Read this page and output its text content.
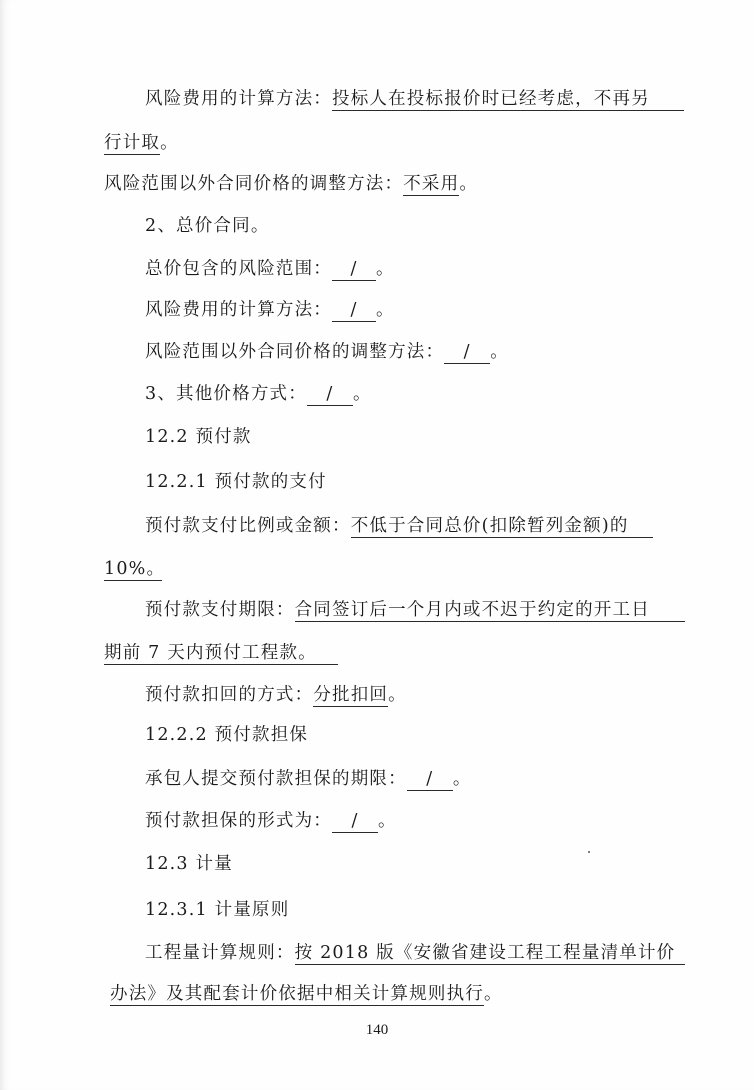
风险费用的计算方法：投标人在投标报价时已经考虑，不再另
行计取。
风险范围以外合同价格的调整方法：不采用。
2、总价合同。
总价包含的风险范围： / 。
风险费用的计算方法： / 。
风险范围以外合同价格的调整方法： / 。
3、其他价格方式： / 。
12.2 预付款
12.2.1 预付款的支付
预付款支付比例或金额：不低于合同总价(扣除暂列金额)的
10%。
预付款支付期限：合同签订后一个月内或不迟于约定的开工日
期前 7 天内预付工程款。
预付款扣回的方式：分批扣回。
12.2.2 预付款担保
承包人提交预付款担保的期限： / 。
预付款担保的形式为： / 。
12.3 计量
12.3.1 计量原则
工程量计算规则：按 2018 版《安徽省建设工程工程量清单计价
办法》及其配套计价依据中相关计算规则执行。
140
